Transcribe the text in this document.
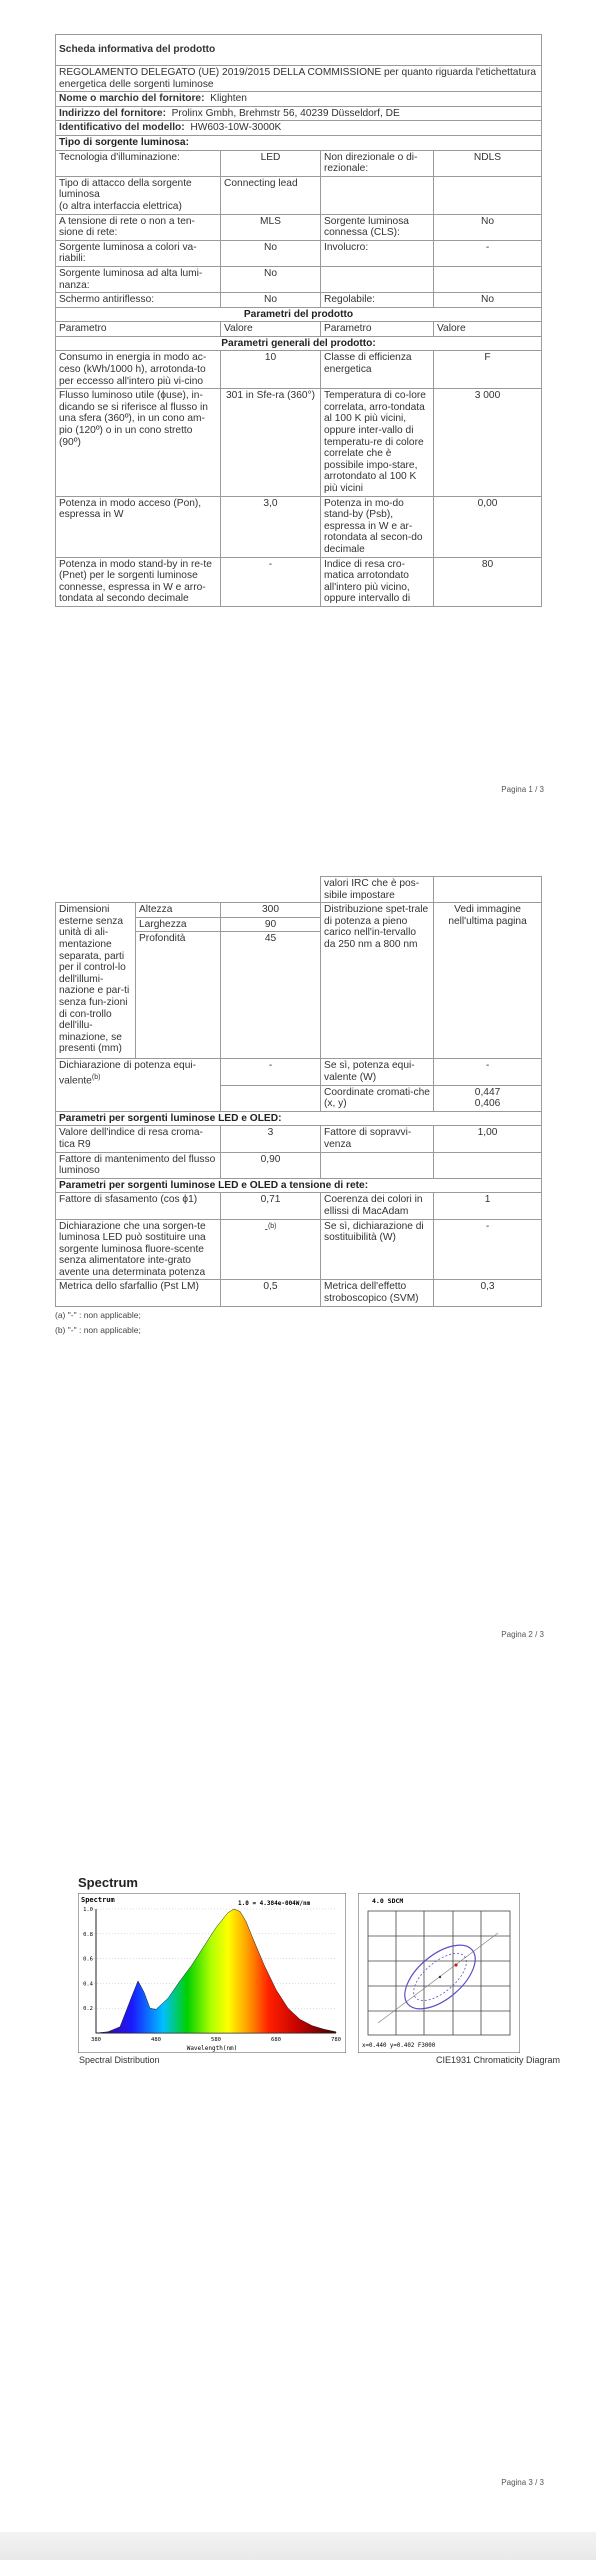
Scheda informativa del prodotto			
REGOLAMENTO DELEGATO (UE) 2019/2015 DELLA COMMISSIONE per quanto riguarda l'etichettatura energetica delle sorgenti luminose			
Nome o marchio del fornitore: Klighten			
Indirizzo del fornitore: Prolinx Gmbh, Brehmstr 56, 40239 Düsseldorf, DE			
Identificativo del modello: HW603-10W-3000K			
Tipo di sorgente luminosa:			
Tecnologia d'illuminazione:	LED	Non direzionale o di-rezionale:	NDLS
Tipo di attacco della sorgente luminosa
(o altra interfaccia elettrica)	Connecting lead		
A tensione di rete o non a ten-sione di rete:	MLS	Sorgente luminosa connessa (CLS):	No
Sorgente luminosa a colori va-riabili:	No	Involucro:	-
Sorgente luminosa ad alta lumi-nanza:	No		
Schermo antiriflesso:	No	Regolabile:	No
Parametri del prodotto			
Parametro	Valore	Parametro	Valore
Parametri generali del prodotto:			
Consumo in energia in modo ac-ceso (kWh/1000 h), arrotonda-to per eccesso all'intero più vi-cino	10	Classe di efficienza energetica	F
Flusso luminoso utile (ϕuse), in-dicando se si riferisce al flusso in una sfera (360º), in un cono am-pio (120º) o in un cono stretto (90º)	301 in Sfe-ra (360°)	Temperatura di co-lore correlata, arro-tondata al 100 K più vicini, oppure inter-vallo di temperatu-re di colore correlate che è possibile impo-stare, arrotondato al 100 K più vicini	3 000
Potenza in modo acceso (Pon), espressa in W	3,0	Potenza in mo-do stand-by (Psb), espressa in W e ar-rotondata al secon-do decimale	0,00
Potenza in modo stand-by in re-te (Pnet) per le sorgenti luminose connesse, espressa in W e arro-tondata al secondo decimale	-	Indice di resa cro-matica arrotondato all'intero più vicino, oppure intervallo di	80
Pagina 1 / 3
			valori IRC che è pos-sibile impostare	
Dimensioni esterne senza unità di ali-mentazione separata, parti per il control-lo dell'illumi-nazione e par-ti senza fun-zioni di con-trollo dell'illu-minazione, se presenti (mm)	Altezza	300	Distribuzione spet-trale di potenza a pieno carico nell'in-tervallo da 250 nm a 800 nm	Vedi immagine nell'ultima pagina
	Larghezza	90		
	Profondità	45		
Dichiarazione di potenza equi-valente$^{(b)}$		-	Se sì, potenza equi-valente (W)	-
			Coordinate cromati-che (x, y)	0,447
0,406
Parametri per sorgenti luminose LED e OLED:				
Valore dell'indice di resa croma-tica R9		3	Fattore di sopravvi-venza	1,00
Fattore di mantenimento del flusso luminoso		0,90		
Parametri per sorgenti luminose LED e OLED a tensione di rete:				
Fattore di sfasamento (cos ϕ1)		0,71	Coerenza dei colori in ellissi di MacAdam	1
Dichiarazione che una sorgen-te luminosa LED può sostituire una sorgente luminosa fluore-scente senza alimentatore inte-grato avente una determinata potenza		-$^{(b)}$	Se sì, dichiarazione di sostituibilità (W)	-
Metrica dello sfarfallio (Pst LM)		0,5	Metrica dell'effetto stroboscopico (SVM)	0,3
(a) "-" : non applicable;
(b) "-" : non applicable;
Pagina 2 / 3
Spectrum
Spectrum	1.0 = 4.384e-004W/nm
1.0
0.8
0.6
0.4
0.2
380	480	580	680	780
Wavelength(nm)
4.0 SDCM
x=0.440 y=0.402 F3000
Spectral Distribution	CIE1931 Chromaticity Diagram
Pagina 3 / 3
